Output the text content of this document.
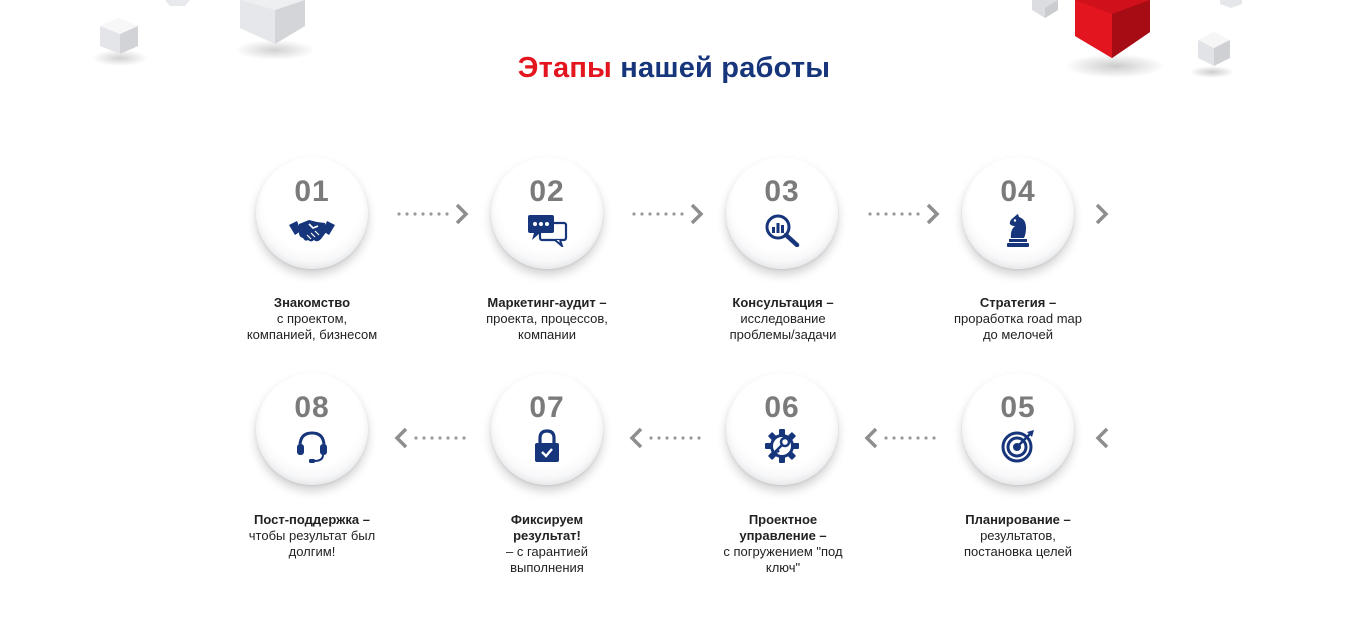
Этапы нашей работы
01
Знакомство
с проектом,
компанией, бизнесом
02
Маркетинг-аудит –
проекта, процессов,
компании
03
Консультация –
исследование
проблемы/задачи
04
Стратегия –
проработка road map
до мелочей
08
Пост-поддержка –
чтобы результат был
долгим!
07
Фиксируем
результат!
– с гарантией
выполнения
06
Проектное
управление –
с погружением "под
ключ"
05
Планирование –
результатов,
постановка целей
